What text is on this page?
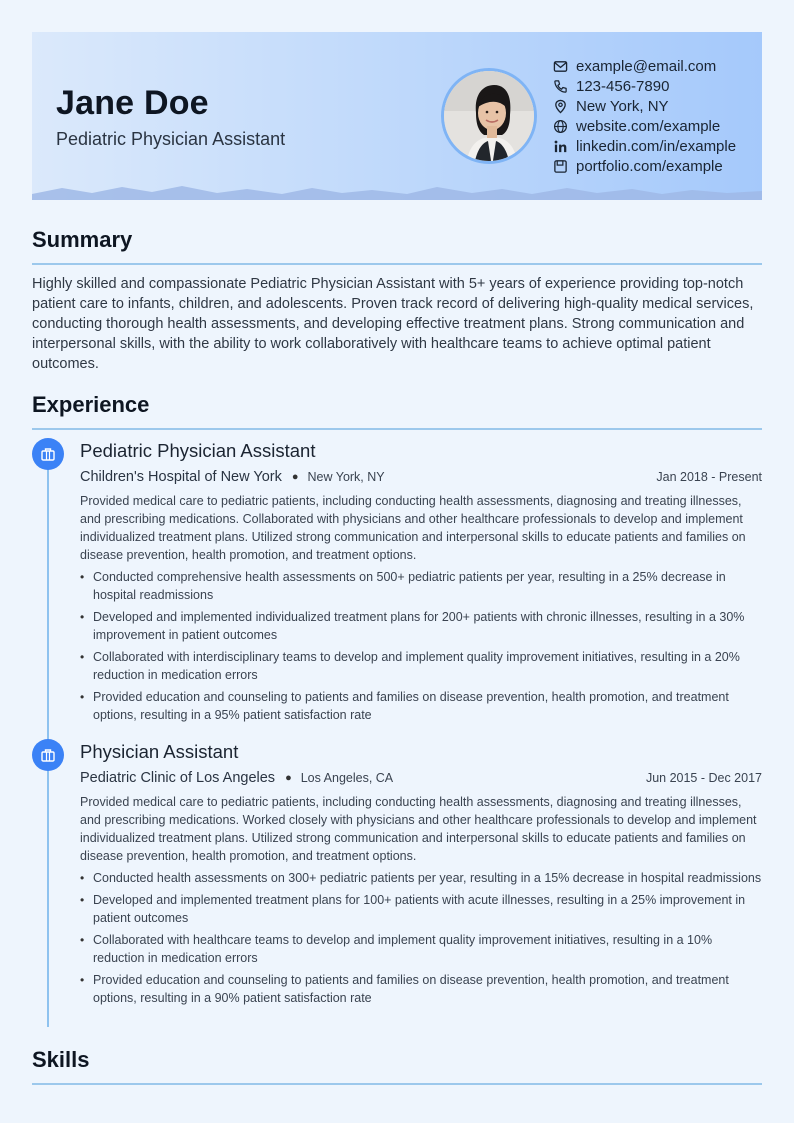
Jane Doe
Pediatric Physician Assistant
example@email.com
123-456-7890
New York, NY
website.com/example
linkedin.com/in/example
portfolio.com/example
Summary
Highly skilled and compassionate Pediatric Physician Assistant with 5+ years of experience providing top-notch patient care to infants, children, and adolescents. Proven track record of delivering high-quality medical services, conducting thorough health assessments, and developing effective treatment plans. Strong communication and interpersonal skills, with the ability to work collaboratively with healthcare teams to achieve optimal patient outcomes.
Experience
Pediatric Physician Assistant
Children's Hospital of New York ● New York, NY	Jan 2018 - Present
Provided medical care to pediatric patients, including conducting health assessments, diagnosing and treating illnesses, and prescribing medications. Collaborated with physicians and other healthcare professionals to develop and implement individualized treatment plans. Utilized strong communication and interpersonal skills to educate patients and families on disease prevention, health promotion, and treatment options.
• Conducted comprehensive health assessments on 500+ pediatric patients per year, resulting in a 25% decrease in hospital readmissions
• Developed and implemented individualized treatment plans for 200+ patients with chronic illnesses, resulting in a 30% improvement in patient outcomes
• Collaborated with interdisciplinary teams to develop and implement quality improvement initiatives, resulting in a 20% reduction in medication errors
• Provided education and counseling to patients and families on disease prevention, health promotion, and treatment options, resulting in a 95% patient satisfaction rate
Physician Assistant
Pediatric Clinic of Los Angeles ● Los Angeles, CA	Jun 2015 - Dec 2017
Provided medical care to pediatric patients, including conducting health assessments, diagnosing and treating illnesses, and prescribing medications. Worked closely with physicians and other healthcare professionals to develop and implement individualized treatment plans. Utilized strong communication and interpersonal skills to educate patients and families on disease prevention, health promotion, and treatment options.
• Conducted health assessments on 300+ pediatric patients per year, resulting in a 15% decrease in hospital readmissions
• Developed and implemented treatment plans for 100+ patients with acute illnesses, resulting in a 25% improvement in patient outcomes
• Collaborated with healthcare teams to develop and implement quality improvement initiatives, resulting in a 10% reduction in medication errors
• Provided education and counseling to patients and families on disease prevention, health promotion, and treatment options, resulting in a 90% patient satisfaction rate
Skills
